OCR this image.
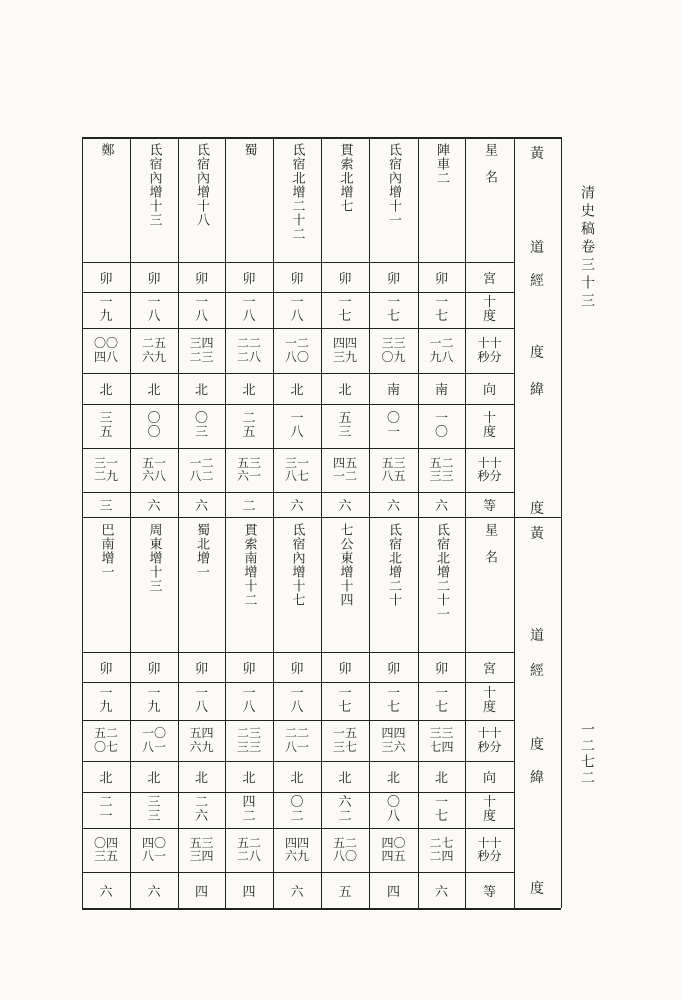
黃
道
經
度
緯
度
星名
陣車二
氐宿內增十一
貫索北增七
氐宿北增二十二
蜀
氐宿內增十八
氐宿內增十三
鄭
宮
卯
卯
卯
卯
卯
卯
卯
卯
十
度
一
七
一
七
一
七
一
八
一
八
一
八
一
八
一
九
十十
秒分
一二
九八
三三
〇九
四四
三九
一二
八〇
二二
二八
三四
二三
二五
六九
〇〇
四八
向
南
南
北
北
北
北
北
北
十
度
一
〇
〇
一
五
三
一
八
二
五
〇
三
〇
〇
三
五
十十
秒分
五二
三三
五三
八五
四五
一二
三一
八七
五三
六一
一二
八二
五一
六八
三一
二九
等
六
六
六
六
二
六
六
三
黃
道
經
度
緯
度
星名
氐宿北增二十一
氐宿北增二十
七公東增十四
氐宿內增十七
貫索南增十二
蜀北增一
周東增十三
巴南增一
宮
卯
卯
卯
卯
卯
卯
卯
卯
十
度
一
七
一
七
一
七
一
八
一
八
一
八
一
九
一
九
十十
秒分
三三
七四
四四
三六
一五
三七
二二
八一
二三
三三
五四
六九
一〇
八一
五二
〇七
向
北
北
北
北
北
北
北
北
十
度
一
七
〇
八
六
二
〇
二
四
二
二
六
三
三
二
一
十十
秒分
二七
二四
四〇
四五
五二
八〇
四四
六九
五二
二八
五三
三四
四〇
八一
〇四
三五
等
六
四
五
六
四
四
六
六
清史稿卷三十三
一二七二
